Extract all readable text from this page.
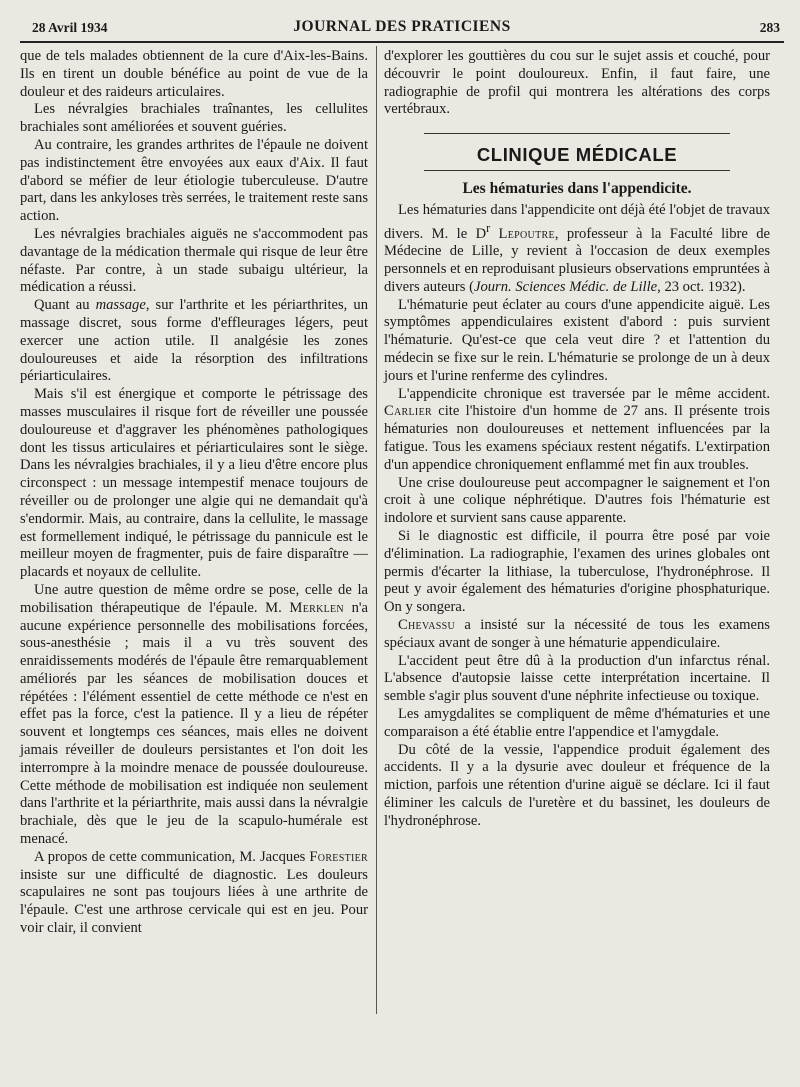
28 Avril 1934	JOURNAL DES PRATICIENS	283

que de tels malades obtiennent de la cure d'Aix-les-Bains. Ils en tirent un double bénéfice au point de vue de la douleur et des raideurs articulaires.

Les névralgies brachiales traînantes, les cellulites brachiales sont améliorées et souvent guéries.

Au contraire, les grandes arthrites de l'épaule ne doivent pas indistinctement être envoyées aux eaux d'Aix. Il faut d'abord se méfier de leur étiologie tuberculeuse. D'autre part, dans les ankyloses très serrées, le traitement reste sans action.

Les névralgies brachiales aiguës ne s'accommodent pas davantage de la médication thermale qui risque de leur être néfaste. Par contre, à un stade subaigu ultérieur, la médication a réussi.

Quant au massage, sur l'arthrite et les périarthrites, un massage discret, sous forme d'effleurages légers, peut exercer une action utile. Il analgésie les zones douloureuses et aide la résorption des infiltrations périarticulaires.

Mais s'il est énergique et comporte le pétrissage des masses musculaires il risque fort de réveiller une poussée douloureuse et d'aggraver les phénomènes pathologiques dont les tissus articulaires et périarticulaires sont le siège. Dans les névralgies brachiales, il y a lieu d'être encore plus circonspect : un message intempestif menace toujours de réveiller ou de prolonger une algie qui ne demandait qu'à s'endormir. Mais, au contraire, dans la cellulite, le massage est formellement indiqué, le pétrissage du pannicule est le meilleur moyen de fragmenter, puis de faire disparaître — placards et noyaux de cellulite.

Une autre question de même ordre se pose, celle de la mobilisation thérapeutique de l'épaule. M. Merklen n'a aucune expérience personnelle des mobilisations forcées, sous-anesthésie ; mais il a vu très souvent des enraidissements modérés de l'épaule être remarquablement améliorés par les séances de mobilisation douces et répétées : l'élément essentiel de cette méthode ce n'est en effet pas la force, c'est la patience. Il y a lieu de répéter souvent et longtemps ces séances, mais elles ne doivent jamais réveiller de douleurs persistantes et l'on doit les interrompre à la moindre menace de poussée douloureuse. Cette méthode de mobilisation est indiquée non seulement dans l'arthrite et la périarthrite, mais aussi dans la névralgie brachiale, dès que le jeu de la scapulo-humérale est menacé.

A propos de cette communication, M. Jacques Forestier insiste sur une difficulté de diagnostic. Les douleurs scapulaires ne sont pas toujours liées à une arthrite de l'épaule. C'est une arthrose cervicale qui est en jeu. Pour voir clair, il convient

d'explorer les gouttières du cou sur le sujet assis et couché, pour découvrir le point douloureux. Enfin, il faut faire, une radiographie de profil qui montrera les altérations des corps vertébraux.

CLINIQUE MÉDICALE
Les hématuries dans l'appendicite.

Les hématuries dans l'appendicite ont déjà été l'objet de travaux divers. M. le $D^r$ Lepoutre, professeur à la Faculté libre de Médecine de Lille, y revient à l'occasion de deux exemples personnels et en reproduisant plusieurs observations empruntées à divers auteurs (Journ. Sciences Médic. de Lille, 23 oct. 1932).

L'hématurie peut éclater au cours d'une appendicite aiguë. Les symptômes appendiculaires existent d'abord : puis survient l'hématurie. Qu'est-ce que cela veut dire ? et l'attention du médecin se fixe sur le rein. L'hématurie se prolonge de un à deux jours et l'urine renferme des cylindres.

L'appendicite chronique est traversée par le même accident. Carlier cite l'histoire d'un homme de 27 ans. Il présente trois hématuries non douloureuses et nettement influencées par la fatigue. Tous les examens spéciaux restent négatifs. L'extirpation d'un appendice chroniquement enflammé met fin aux troubles.

Une crise douloureuse peut accompagner le saignement et l'on croit à une colique néphrétique. D'autres fois l'hématurie est indolore et survient sans cause apparente.

Si le diagnostic est difficile, il pourra être posé par voie d'élimination. La radiographie, l'examen des urines globales ont permis d'écarter la lithiase, la tuberculose, l'hydronéphrose. Il peut y avoir également des hématuries d'origine phosphaturique. On y songera.

Chevassu a insisté sur la nécessité de tous les examens spéciaux avant de songer à une hématurie appendiculaire.

L'accident peut être dû à la production d'un infarctus rénal. L'absence d'autopsie laisse cette interprétation incertaine. Il semble s'agir plus souvent d'une néphrite infectieuse ou toxique.

Les amygdalites se compliquent de même d'hématuries et une comparaison a été établie entre l'appendice et l'amygdale.

Du côté de la vessie, l'appendice produit également des accidents. Il y a la dysurie avec douleur et fréquence de la miction, parfois une rétention d'urine aiguë se déclare. Ici il faut éliminer les calculs de l'uretère et du bassinet, les douleurs de l'hydronéphrose.
